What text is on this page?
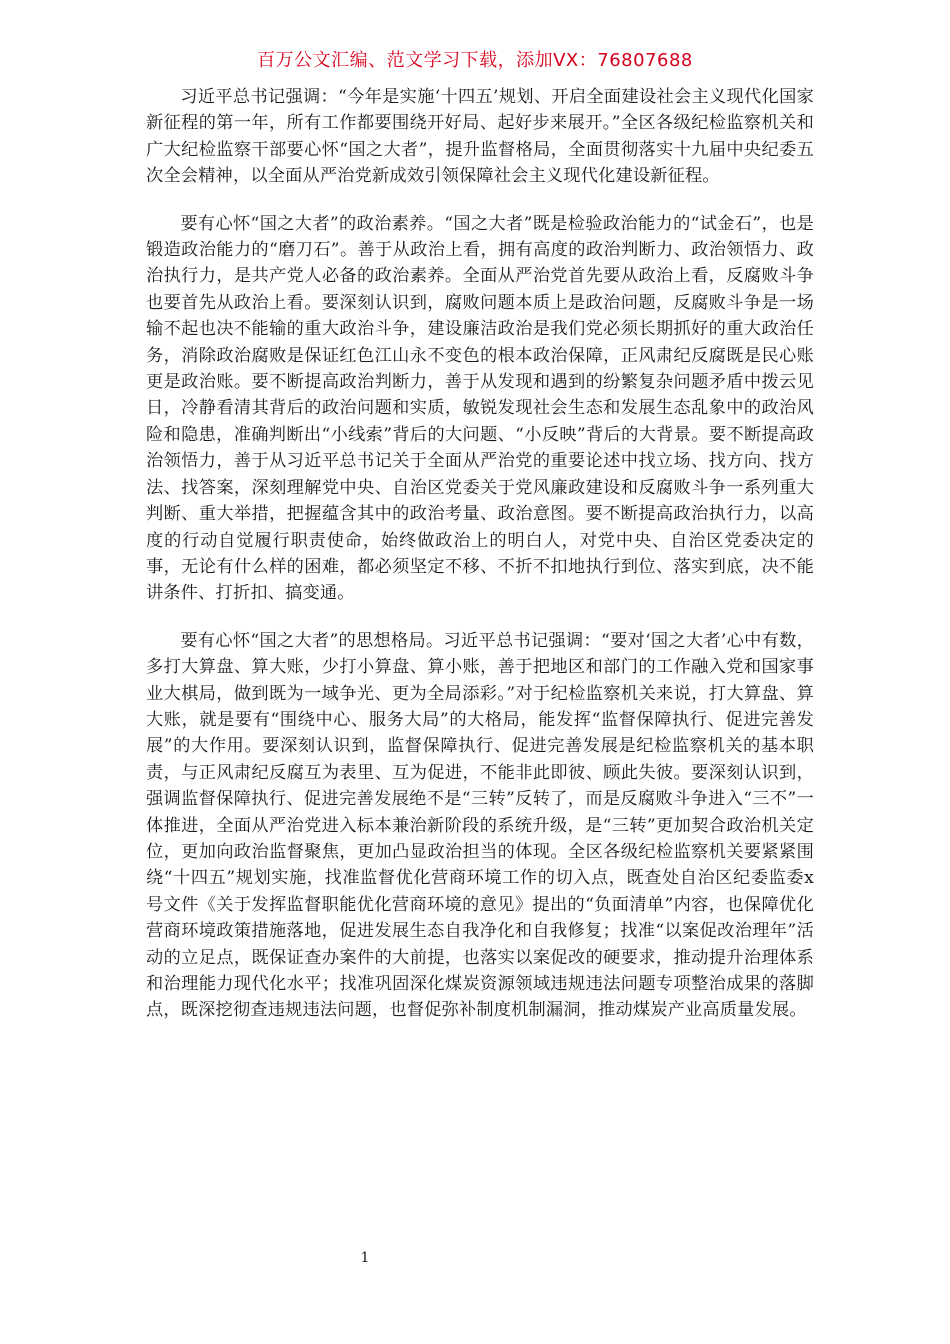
百万公文汇编、范文学习下载，添加VX：76807688

习近平总书记强调：“今年是实施‘十四五’规划、开启全面建设社会主义现代化国家新征程的第一年，所有工作都要围绕开好局、起好步来展开。”全区各级纪检监察机关和广大纪检监察干部要心怀“国之大者”，提升监督格局，全面贯彻落实十九届中央纪委五次全会精神，以全面从严治党新成效引领保障社会主义现代化建设新征程。

要有心怀“国之大者”的政治素养。“国之大者”既是检验政治能力的“试金石”，也是锻造政治能力的“磨刀石”。善于从政治上看，拥有高度的政治判断力、政治领悟力、政治执行力，是共产党人必备的政治素养。全面从严治党首先要从政治上看，反腐败斗争也要首先从政治上看。要深刻认识到，腐败问题本质上是政治问题，反腐败斗争是一场输不起也决不能输的重大政治斗争，建设廉洁政治是我们党必须长期抓好的重大政治任务，消除政治腐败是保证红色江山永不变色的根本政治保障，正风肃纪反腐既是民心账更是政治账。要不断提高政治判断力，善于从发现和遇到的纷繁复杂问题矛盾中拨云见日，冷静看清其背后的政治问题和实质，敏锐发现社会生态和发展生态乱象中的政治风险和隐患，准确判断出“小线索”背后的大问题、“小反映”背后的大背景。要不断提高政治领悟力，善于从习近平总书记关于全面从严治党的重要论述中找立场、找方向、找方法、找答案，深刻理解党中央、自治区党委关于党风廉政建设和反腐败斗争一系列重大判断、重大举措，把握蕴含其中的政治考量、政治意图。要不断提高政治执行力，以高度的行动自觉履行职责使命，始终做政治上的明白人，对党中央、自治区党委决定的事，无论有什么样的困难，都必须坚定不移、不折不扣地执行到位、落实到底，决不能讲条件、打折扣、搞变通。

要有心怀“国之大者”的思想格局。习近平总书记强调：“要对‘国之大者’心中有数，多打大算盘、算大账，少打小算盘、算小账，善于把地区和部门的工作融入党和国家事业大棋局，做到既为一域争光、更为全局添彩。”对于纪检监察机关来说，打大算盘、算大账，就是要有“围绕中心、服务大局”的大格局，能发挥“监督保障执行、促进完善发展”的大作用。要深刻认识到，监督保障执行、促进完善发展是纪检监察机关的基本职责，与正风肃纪反腐互为表里、互为促进，不能非此即彼、顾此失彼。要深刻认识到，强调监督保障执行、促进完善发展绝不是“三转”反转了，而是反腐败斗争进入“三不”一体推进，全面从严治党进入标本兼治新阶段的系统升级，是“三转”更加契合政治机关定位，更加向政治监督聚焦，更加凸显政治担当的体现。全区各级纪检监察机关要紧紧围绕“十四五”规划实施，找准监督优化营商环境工作的切入点，既查处自治区纪委监委x号文件《关于发挥监督职能优化营商环境的意见》提出的“负面清单”内容，也保障优化营商环境政策措施落地，促进发展生态自我净化和自我修复；找准“以案促改治理年”活动的立足点，既保证查办案件的大前提，也落实以案促改的硬要求，推动提升治理体系和治理能力现代化水平；找准巩固深化煤炭资源领域违规违法问题专项整治成果的落脚点，既深挖彻查违规违法问题，也督促弥补制度机制漏洞，推动煤炭产业高质量发展。

1
